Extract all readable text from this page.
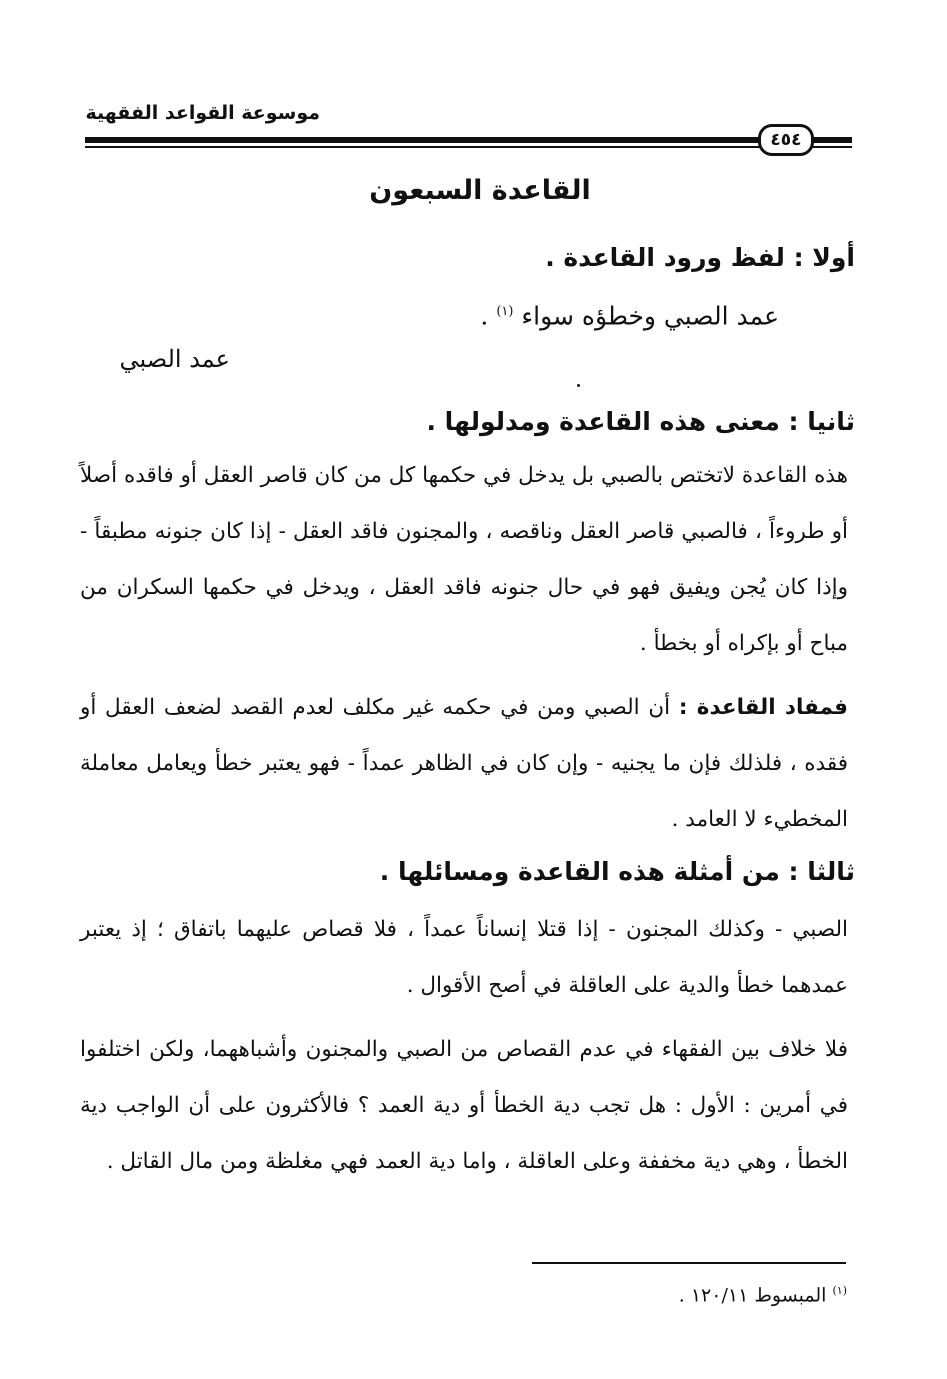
موسوعة القواعد الفقهية
٤٥٤
القاعدة السبعون
أولا : لفظ ورود القاعدة .
عمد الصبي وخطؤه سواء $^{(١)}$ .
عمد الصبي
ثانيا : معنى هذه القاعدة ومدلولها .
هذه القاعدة لاتختص بالصبي بل يدخل في حكمها كل من كان قاصر العقل أو فاقده أصلاً أو طروءاً ، فالصبي قاصر العقل وناقصه ، والمجنون فاقد العقل - إذا كان جنونه مطبقاً - وإذا كان يُجن ويفيق فهو في حال جنونه فاقد العقل ، ويدخل في حكمها السكران من مباح أو بإكراه أو بخطأ .
فمفاد القاعدة : أن الصبي ومن في حكمه غير مكلف لعدم القصد لضعف العقل أو فقده ، فلذلك فإن ما يجنيه - وإن كان في الظاهر عمداً - فهو يعتبر خطأ ويعامل معاملة المخطيء لا العامد .
ثالثا : من أمثلة هذه القاعدة ومسائلها .
الصبي - وكذلك المجنون - إذا قتلا إنساناً عمداً ، فلا قصاص عليهما باتفاق ؛ إذ يعتبر عمدهما خطأ والدية على العاقلة في أصح الأقوال .
فلا خلاف بين الفقهاء في عدم القصاص من الصبي والمجنون وأشباههما، ولكن اختلفوا في أمرين : الأول : هل تجب دية الخطأ أو دية العمد ؟ فالأكثرون على أن الواجب دية الخطأ ، وهي دية مخففة وعلى العاقلة ، واما دية العمد فهي مغلظة ومن مال القاتل .
$^{(١)}$ المبسوط ١٢٠/١١ .
